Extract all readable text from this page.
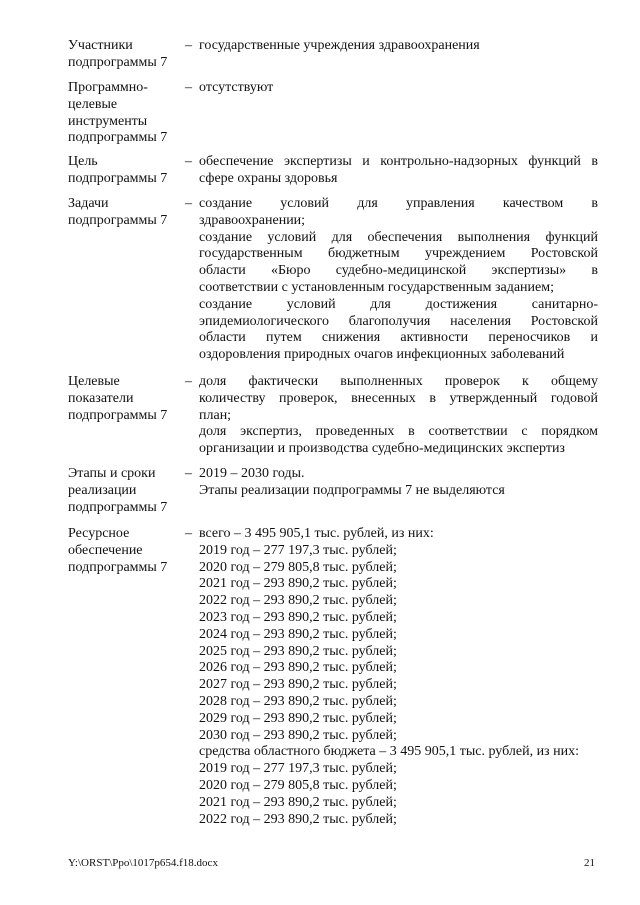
Участники
подпрограммы 7
– государственные учреждения здравоохранения
Программно-
целевые
инструменты
подпрограммы 7
– отсутствуют
Цель
подпрограммы 7
– обеспечение экспертизы и контрольно-надзорных функций в
сфере охраны здоровья
Задачи
подпрограммы 7
– создание условий для управления качеством в
здравоохранении;
создание условий для обеспечения выполнения функций
государственным бюджетным учреждением Ростовской
области «Бюро судебно-медицинской экспертизы» в
соответствии с установленным государственным заданием;
создание условий для достижения санитарно-
эпидемиологического благополучия населения Ростовской
области путем снижения активности переносчиков и
оздоровления природных очагов инфекционных заболеваний
Целевые
показатели
подпрограммы 7
– доля фактически выполненных проверок к общему
количеству проверок, внесенных в утвержденный годовой
план;
доля экспертиз, проведенных в соответствии с порядком
организации и производства судебно-медицинских экспертиз
Этапы и сроки
реализации
подпрограммы 7
– 2019 – 2030 годы.
Этапы реализации подпрограммы 7 не выделяются
Ресурсное
обеспечение
подпрограммы 7
– всего – 3 495 905,1 тыс. рублей, из них:
2019 год – 277 197,3 тыс. рублей;
2020 год – 279 805,8 тыс. рублей;
2021 год – 293 890,2 тыс. рублей;
2022 год – 293 890,2 тыс. рублей;
2023 год – 293 890,2 тыс. рублей;
2024 год – 293 890,2 тыс. рублей;
2025 год – 293 890,2 тыс. рублей;
2026 год – 293 890,2 тыс. рублей;
2027 год – 293 890,2 тыс. рублей;
2028 год – 293 890,2 тыс. рублей;
2029 год – 293 890,2 тыс. рублей;
2030 год – 293 890,2 тыс. рублей;
средства областного бюджета – 3 495 905,1 тыс. рублей, из них:
2019 год – 277 197,3 тыс. рублей;
2020 год – 279 805,8 тыс. рублей;
2021 год – 293 890,2 тыс. рублей;
2022 год – 293 890,2 тыс. рублей;
Y:\ORST\Ppo\1017p654.f18.docx	21
